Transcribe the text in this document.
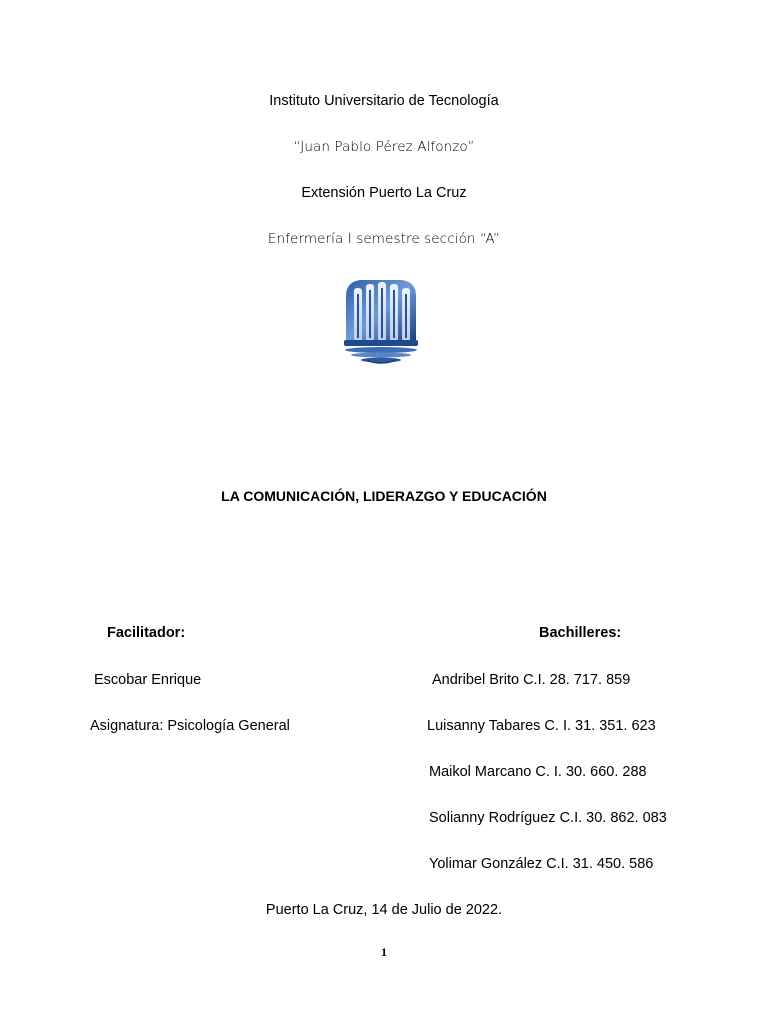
Instituto Universitario de Tecnología
“Juan Pablo Pérez Alfonzo”
Extensión Puerto La Cruz
Enfermería I semestre sección “A”
LA COMUNICACIÓN, LIDERAZGO Y EDUCACIÓN
Facilitador:	Bachilleres:
Escobar Enrique
Asignatura: Psicología General
Andribel Brito C.I. 28. 717. 859
Luisanny Tabares C. I. 31. 351. 623
Maikol Marcano C. I. 30. 660. 288
Solianny Rodríguez C.I. 30. 862. 083
Yolimar González C.I. 31. 450. 586
Puerto La Cruz, 14 de Julio de 2022.
1
